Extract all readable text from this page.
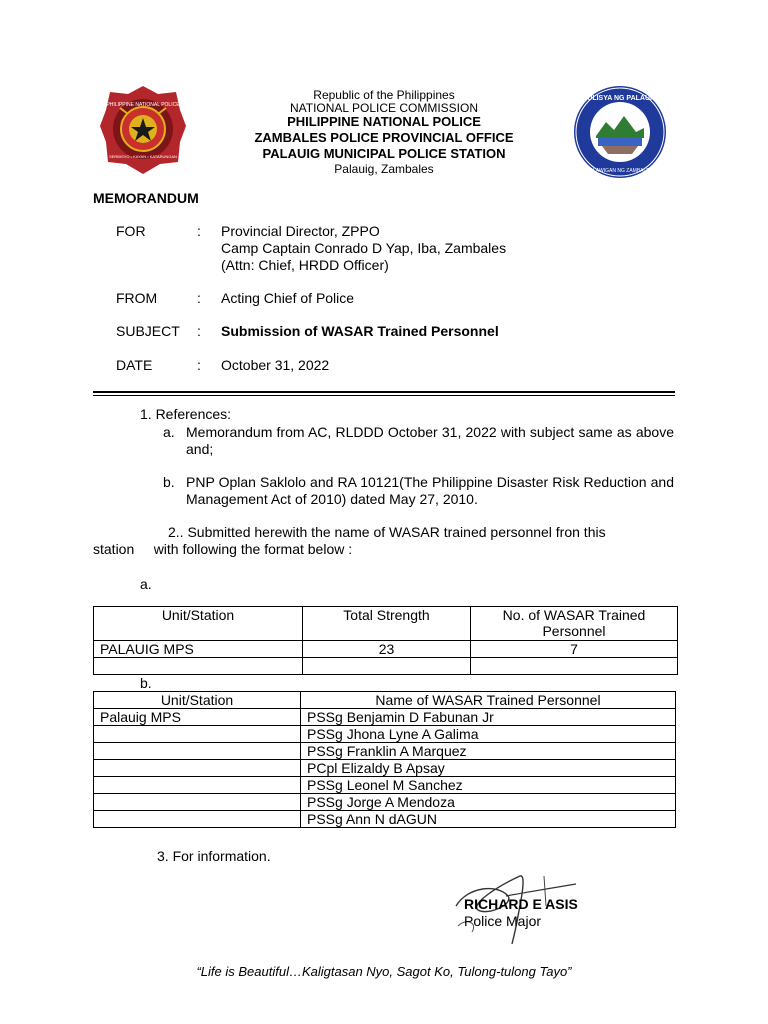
PHILIPPINE NATIONAL POLICE
SERBISYO • KAYAN • KATARUNGAN
PULISYA NG PALAUIG
LALAWIGAN NG ZAMBALES
Republic of the Philippines
NATIONAL POLICE COMMISSION
PHILIPPINE NATIONAL POLICE
ZAMBALES POLICE PROVINCIAL OFFICE
PALAUIG MUNICIPAL POLICE STATION
Palauig, Zambales
MEMORANDUM
FOR	: Provincial Director, ZPPO
Camp Captain Conrado D Yap, Iba, Zambales
(Attn: Chief, HRDD Officer)
FROM	: Acting Chief of Police
SUBJECT : Submission of WASAR Trained Personnel
DATE	: October 31, 2022
1. References:
a. Memorandum from AC, RLDDD October 31, 2022 with subject same as above and;
b. PNP Oplan Saklolo and RA 10121(The Philippine Disaster Risk Reduction and Management Act of 2010) dated May 27, 2010.
2.. Submitted herewith the name of WASAR trained personnel fron this
station     with following the format below :
a.
Unit/Station	Total Strength	No. of WASAR Trained Personnel
PALAUIG MPS	23	7

b.
Unit/Station	Name of WASAR Trained Personnel
Palauig MPS	PSSg Benjamin D Fabunan Jr
	PSSg Jhona Lyne A Galima
	PSSg Franklin A Marquez
	PCpl Elizaldy B Apsay
	PSSg Leonel M Sanchez
	PSSg Jorge A Mendoza
	PSSg Ann N dAGUN
3. For information.
RICHARD E ASIS
Police Major
“Life is Beautiful…Kaligtasan Nyo, Sagot Ko, Tulong-tulong Tayo”
